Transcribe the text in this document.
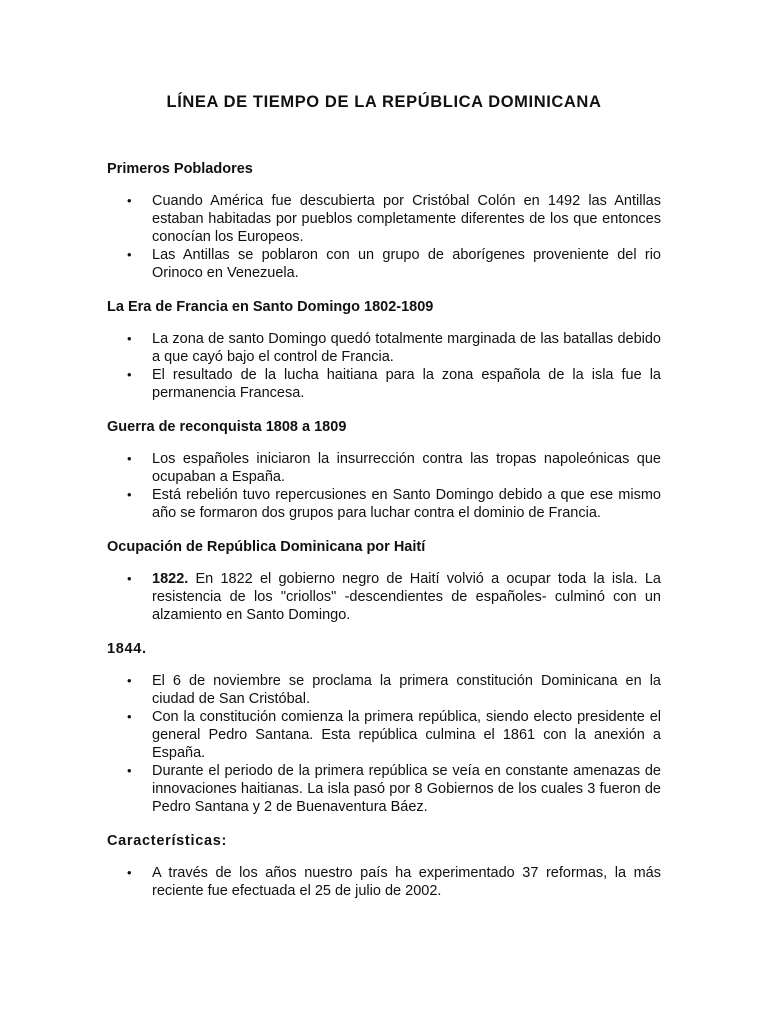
LÍNEA DE TIEMPO DE LA REPÚBLICA DOMINICANA
Primeros Pobladores
• Cuando América fue descubierta por Cristóbal Colón en 1492 las Antillas estaban habitadas por pueblos completamente diferentes de los que entonces conocían los Europeos.
• Las Antillas se poblaron con un grupo de aborígenes proveniente del rio Orinoco en Venezuela.
La Era de Francia en Santo Domingo 1802-1809
• La zona de santo Domingo quedó totalmente marginada de las batallas debido a que cayó bajo el control de Francia.
• El resultado de la lucha haitiana para la zona española de la isla fue la permanencia Francesa.
Guerra de reconquista 1808 a 1809
• Los españoles iniciaron la insurrección contra las tropas napoleónicas que ocupaban a España.
• Está rebelión tuvo repercusiones en Santo Domingo debido a que ese mismo año se formaron dos grupos para luchar contra el dominio de Francia.
Ocupación de República Dominicana por Haití
• 1822. En 1822 el gobierno negro de Haití volvió a ocupar toda la isla. La resistencia de los "criollos" -descendientes de españoles- culminó con un alzamiento en Santo Domingo.
1844.
• El 6 de noviembre se proclama la primera constitución Dominicana en la ciudad de San Cristóbal.
• Con la constitución comienza la primera república, siendo electo presidente el general Pedro Santana. Esta república culmina el 1861 con la anexión a España.
• Durante el periodo de la primera república se veía en constante amenazas de innovaciones haitianas. La isla pasó por 8 Gobiernos de los cuales 3 fueron de Pedro Santana y 2 de Buenaventura Báez.
Características:
• A través de los años nuestro país ha experimentado 37 reformas, la más reciente fue efectuada el 25 de julio de 2002.
